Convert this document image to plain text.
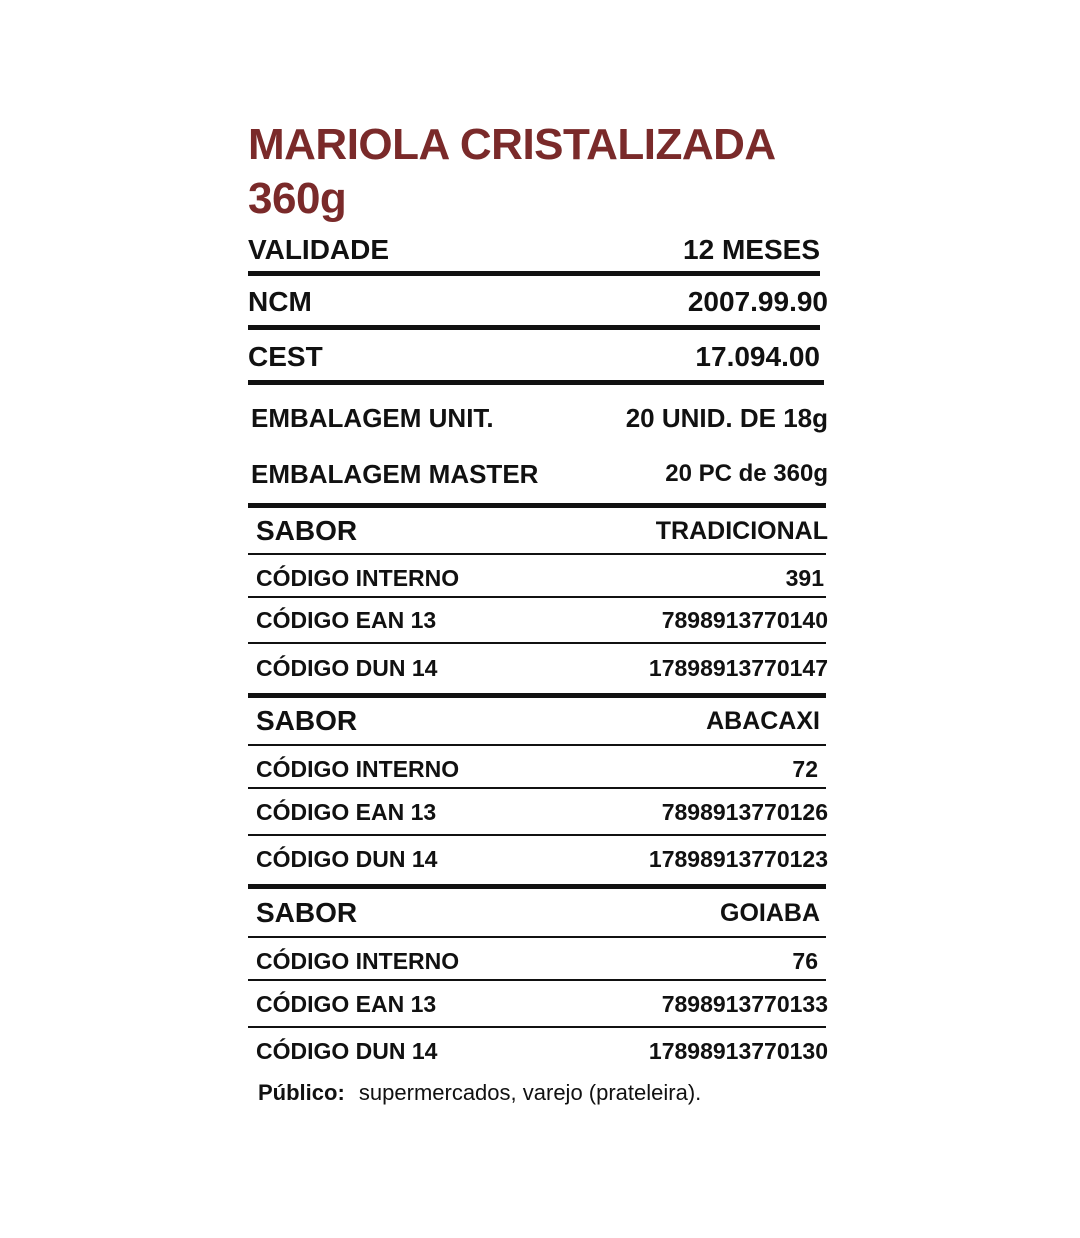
MARIOLA CRISTALIZADA
360g
VALIDADE	12 MESES
NCM	2007.99.90
CEST	17.094.00
EMBALAGEM UNIT.	20 UNID. DE 18g
EMBALAGEM MASTER	20 PC de 360g
SABOR	TRADICIONAL
CÓDIGO INTERNO	391
CÓDIGO EAN 13	7898913770140
CÓDIGO DUN 14	17898913770147
SABOR	ABACAXI
CÓDIGO INTERNO	72
CÓDIGO EAN 13	7898913770126
CÓDIGO DUN 14	17898913770123
SABOR	GOIABA
CÓDIGO INTERNO	76
CÓDIGO EAN 13	7898913770133
CÓDIGO DUN 14	17898913770130
Público: supermercados, varejo (prateleira).
